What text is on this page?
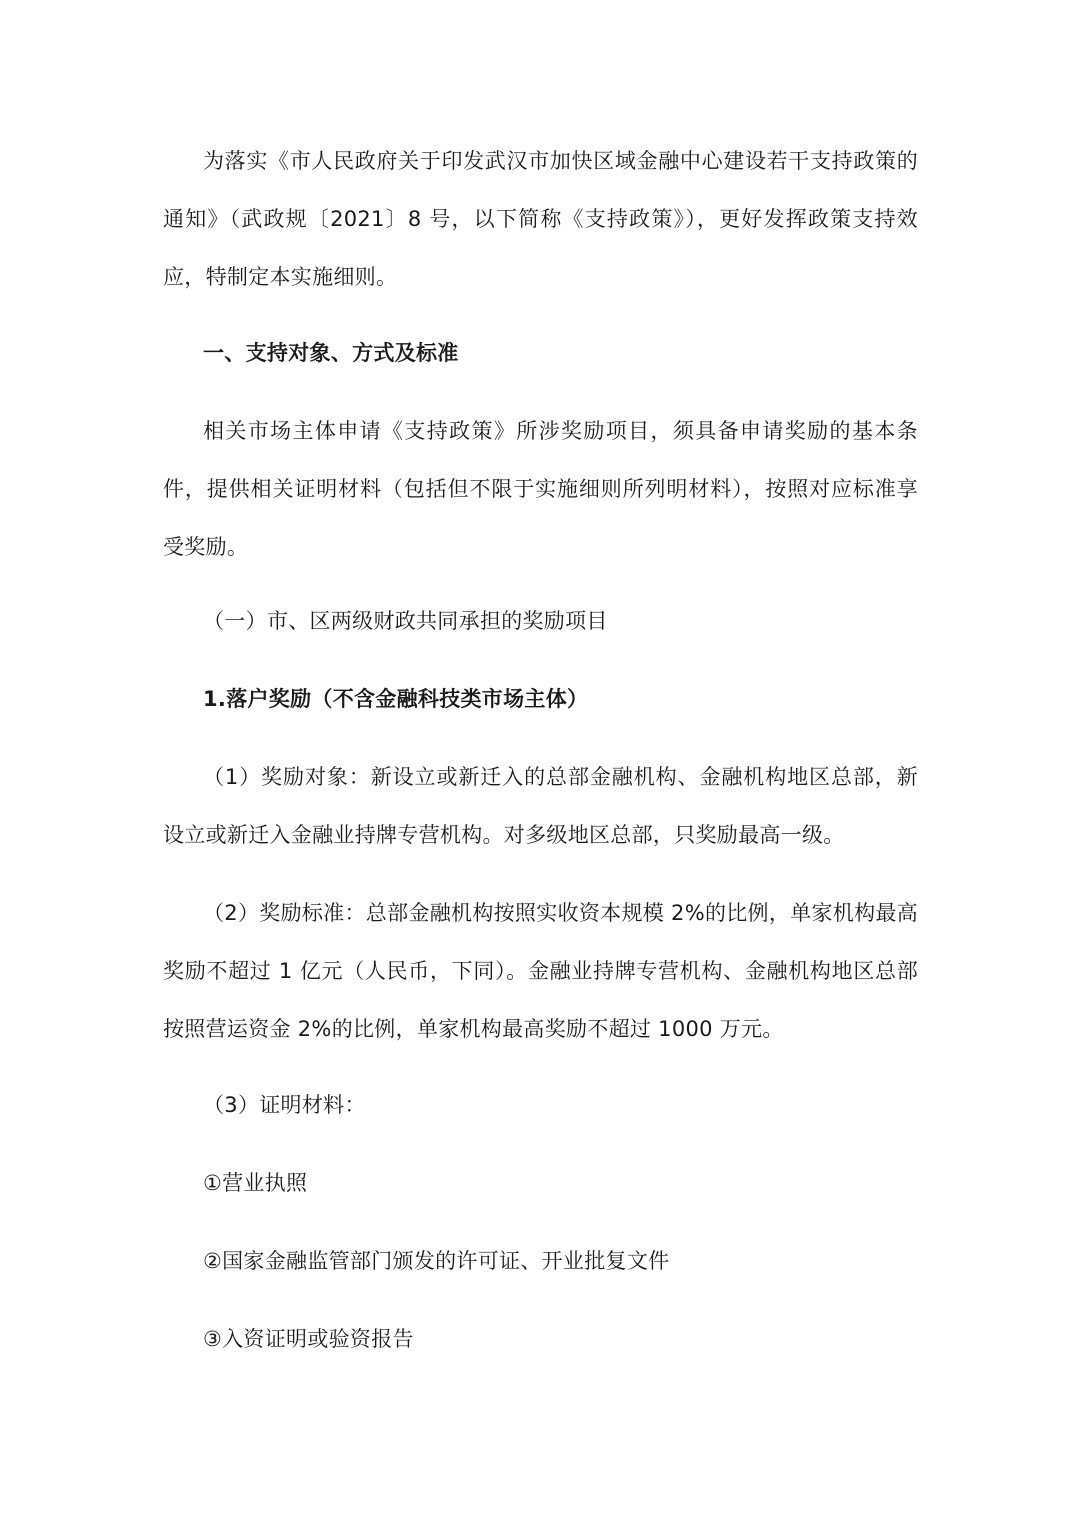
为落实《市人民政府关于印发武汉市加快区域金融中心建设若干支持政策的通知》（武政规〔2021〕8 号，以下简称《支持政策》），更好发挥政策支持效应，特制定本实施细则。

一、支持对象、方式及标准

相关市场主体申请《支持政策》所涉奖励项目，须具备申请奖励的基本条件，提供相关证明材料（包括但不限于实施细则所列明材料），按照对应标准享受奖励。

（一）市、区两级财政共同承担的奖励项目

1.落户奖励（不含金融科技类市场主体）

（1）奖励对象：新设立或新迁入的总部金融机构、金融机构地区总部，新设立或新迁入金融业持牌专营机构。对多级地区总部，只奖励最高一级。

（2）奖励标准：总部金融机构按照实收资本规模 2%的比例，单家机构最高奖励不超过 1 亿元（人民币，下同）。金融业持牌专营机构、金融机构地区总部按照营运资金 2%的比例，单家机构最高奖励不超过 1000 万元。

（3）证明材料：

①营业执照

②国家金融监管部门颁发的许可证、开业批复文件

③入资证明或验资报告
